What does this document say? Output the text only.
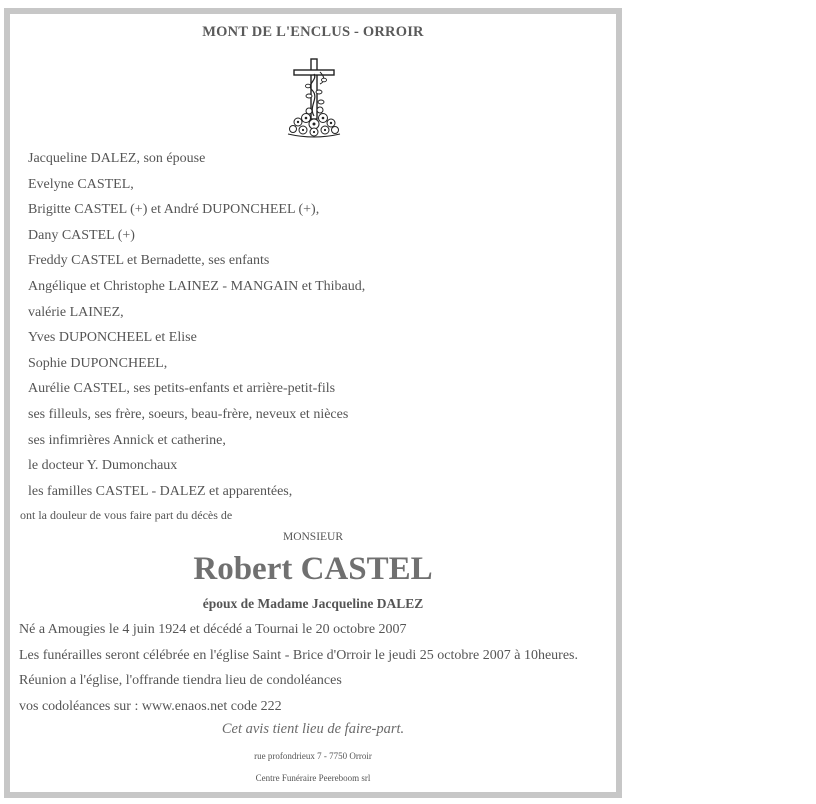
MONT DE L'ENCLUS - ORROIR
Jacqueline DALEZ, son épouse
Evelyne CASTEL,
Brigitte CASTEL (+) et André DUPONCHEEL (+),
Dany CASTEL (+)
Freddy CASTEL et Bernadette, ses enfants
Angélique et Christophe LAINEZ - MANGAIN et Thibaud,
valérie LAINEZ,
Yves DUPONCHEEL et Elise
Sophie DUPONCHEEL,
Aurélie CASTEL, ses petits-enfants et arrière-petit-fils
ses filleuls, ses frère, soeurs, beau-frère, neveux et nièces
ses infimrières Annick et catherine,
le docteur Y. Dumonchaux
les familles CASTEL - DALEZ et apparentées,
ont la douleur de vous faire part du décès de
MONSIEUR
Robert CASTEL
époux de Madame Jacqueline DALEZ
Né a Amougies le 4 juin 1924 et décédé a Tournai le 20 octobre 2007
Les funérailles seront célébrée en l'église Saint - Brice d'Orroir le jeudi 25 octobre 2007 à 10heures.
Réunion a l'église, l'offrande tiendra lieu de condoléances
vos codoléances sur : www.enaos.net code 222
Cet avis tient lieu de faire-part.
rue profondrieux 7 - 7750 Orroir
Centre Funéraire Peereboom srl
